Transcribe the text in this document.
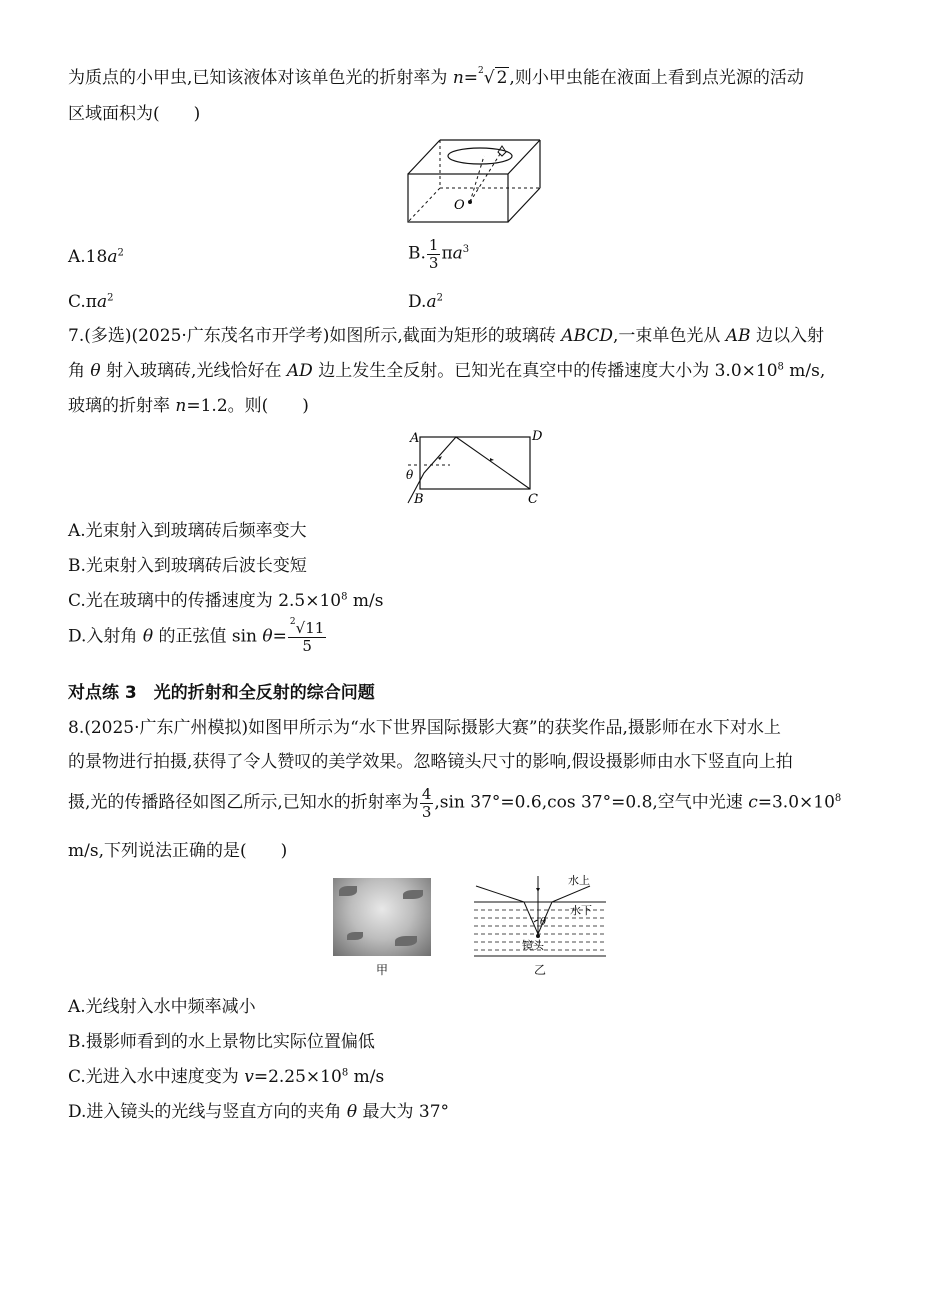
为质点的小甲虫,已知该液体对该单色光的折射率为 n=$^2$√ 2 ,则小甲虫能在液面上看到点光源的活动
区域面积为(　　)
O
$A.18a^2$	B. $\frac{1}{3} \pi a^3$
$C.\pi a^2$	$D.a^2$
7.(多选)(2025·广东茂名市开学考)如图所示,截面为矩形的玻璃砖 ABCD,一束单色光从 AB 边以入射
角 θ 射入玻璃砖,光线恰好在 AD 边上发生全反射。已知光在真空中的传播速度大小为 $3.0\times 10^8$ m/s,
玻璃的折射率 n=1.2。则(　　)
A
B	C
D
θ
A.光束射入到玻璃砖后频率变大
B.光束射入到玻璃砖后波长变短
C.光在玻璃中的传播速度为 $2.5\times 10^8$ m/s
D.入射角 θ 的正弦值 $\sin \theta= \frac{^2√11}{5}$
对点练 3　光的折射和全反射的综合问题
8.(2025·广东广州模拟)如图甲所示为“水下世界国际摄影大赛”的获奖作品,摄影师在水下对水上
的景物进行拍摄,获得了令人赞叹的美学效果。忽略镜头尺寸的影响,假设摄影师由水下竖直向上拍
摄,光的传播路径如图乙所示,已知水的折射率为 $\frac{4}{3} ,\sin$ 37°=0.6,cos 37°=0.8,空气中光速 $c=3.0\times 10^8$
m/s,下列说法正确的是(　　)
甲
水上
水下
镜头
θ
乙
A.光线射入水中频率减小
B.摄影师看到的水上景物比实际位置偏低
C.光进入水中速度变为 $v=2.25\times 10^8$ m/s
D.进入镜头的光线与竖直方向的夹角 θ 最大为 37°
